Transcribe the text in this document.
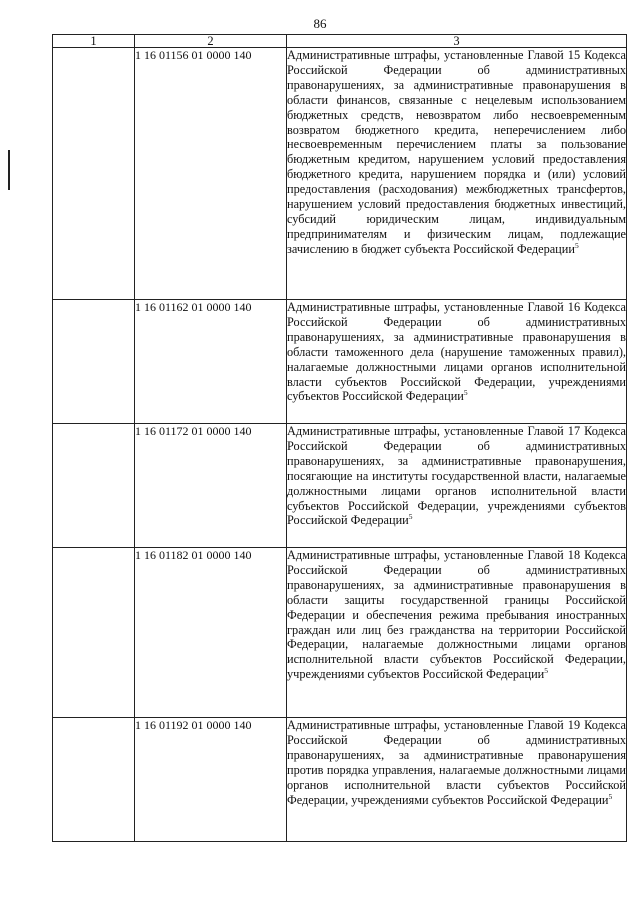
86
1	2	3
	1 16 01156 01 0000 140	Административные штрафы, установленные Главой 15 Кодекса Российской Федерации об административных правонарушениях, за административные правонарушения в области финансов, связанные с нецелевым использованием бюджетных средств, невозвратом либо несвоевременным возвратом бюджетного кредита, неперечислением либо несвоевременным перечислением платы за пользование бюджетным кредитом, нарушением условий предоставления бюджетного кредита, нарушением порядка и (или) условий предоставления (расходования) межбюджетных трансфертов, нарушением условий предоставления бюджетных инвестиций, субсидий юридическим лицам, индивидуальным предпринимателям и физическим лицам, подлежащие зачислению в бюджет субъекта Российской Федерации$^5$
	1 16 01162 01 0000 140	Административные штрафы, установленные Главой 16 Кодекса Российской Федерации об административных правонарушениях, за административные правонарушения в области таможенного дела (нарушение таможенных правил), налагаемые должностными лицами органов исполнительной власти субъектов Российской Федерации, учреждениями субъектов Российской Федерации$^5$
	1 16 01172 01 0000 140	Административные штрафы, установленные Главой 17 Кодекса Российской Федерации об административных правонарушениях, за административные правонарушения, посягающие на институты государственной власти, налагаемые должностными лицами органов исполнительной власти субъектов Российской Федерации, учреждениями субъектов Российской Федерации$^5$
	1 16 01182 01 0000 140	Административные штрафы, установленные Главой 18 Кодекса Российской Федерации об административных правонарушениях, за административные правонарушения в области защиты государственной границы Российской Федерации и обеспечения режима пребывания иностранных граждан или лиц без гражданства на территории Российской Федерации, налагаемые должностными лицами органов исполнительной власти субъектов Российской Федерации, учреждениями субъектов Российской Федерации$^5$
	1 16 01192 01 0000 140	Административные штрафы, установленные Главой 19 Кодекса Российской Федерации об административных правонарушениях, за административные правонарушения против порядка управления, налагаемые должностными лицами органов исполнительной власти субъектов Российской Федерации, учреждениями субъектов Российской Федерации$^5$
